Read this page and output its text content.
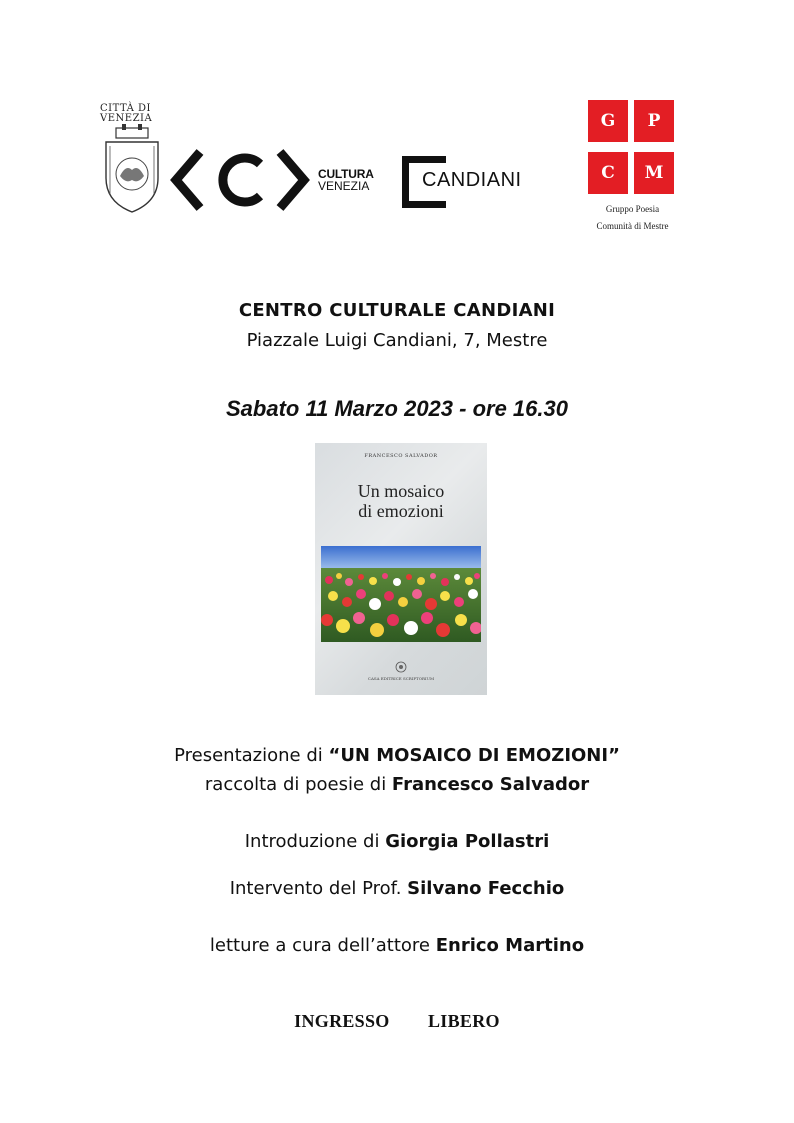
CITTÀ DI
VENEZIA
CULTURA
VENEZIA	CANDIANI
G	P
C	M
Gruppo Poesia
Comunità di Mestre
CENTRO CULTURALE CANDIANI
Piazzale Luigi Candiani, 7, Mestre
Sabato 11 Marzo 2023 - ore 16.30
FRANCESCO SALVADOR
Un mosaico
di emozioni
CASA EDITRICE SCRIPTORIUM
Presentazione di “UN MOSAICO DI EMOZIONI”
raccolta di poesie di Francesco Salvador
Introduzione di Giorgia Pollastri
Intervento del Prof. Silvano Fecchio
letture a cura dell’attore Enrico Martino
INGRESSO   LIBERO
